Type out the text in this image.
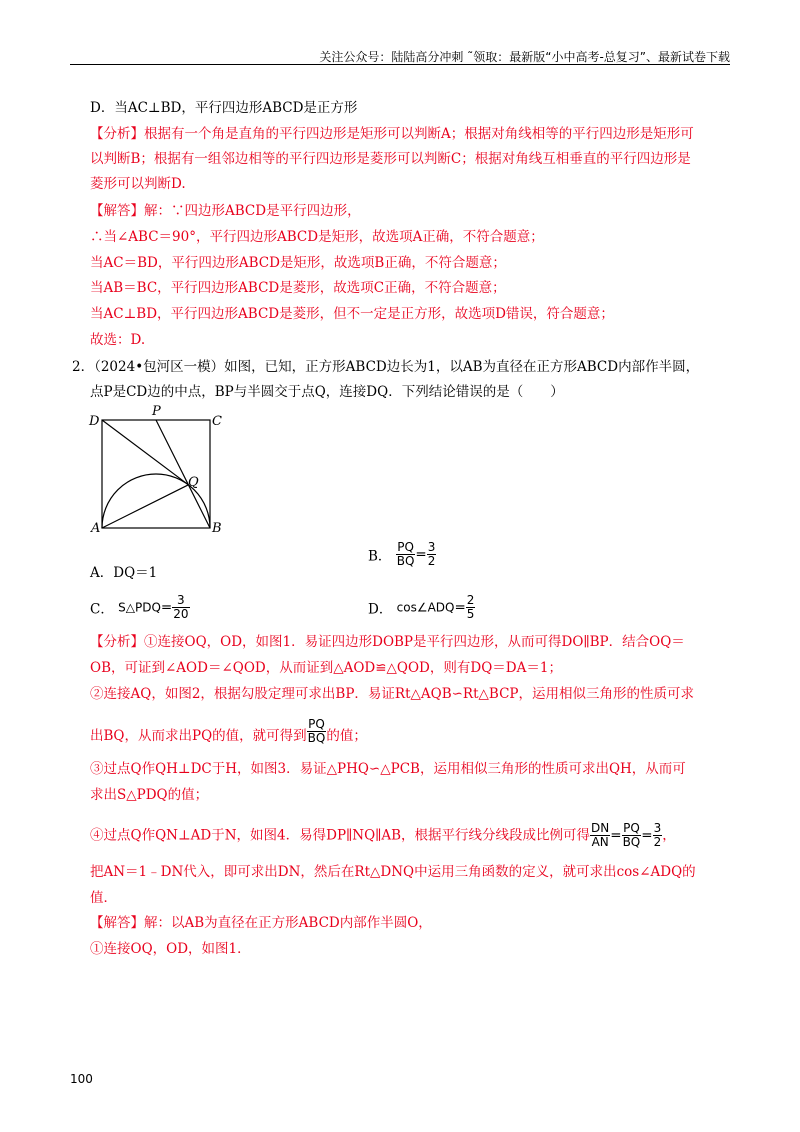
关注公众号：陆陆高分冲刺 ˜领取：最新版“小中高考-总复习”、最新试卷下载
D．当AC⊥BD，平行四边形ABCD是正方形
【分析】根据有一个角是直角的平行四边形是矩形可以判断A；根据对角线相等的平行四边形是矩形可
以判断B；根据有一组邻边相等的平行四边形是菱形可以判断C；根据对角线互相垂直的平行四边形是
菱形可以判断D.
【解答】解：∵四边形ABCD是平行四边形，
∴当∠ABC＝90°，平行四边形ABCD是矩形，故选项A正确，不符合题意；
当AC＝BD，平行四边形ABCD是矩形，故选项B正确，不符合题意；
当AB＝BC，平行四边形ABCD是菱形，故选项C正确，不符合题意；
当AC⊥BD，平行四边形ABCD是菱形，但不一定是正方形，故选项D错误，符合题意；
故选：D.
2．（2024•包河区一模）如图，已知，正方形ABCD边长为1，以AB为直径在正方形ABCD内部作半圆，
点P是CD边的中点，BP与半圆交于点Q，连接DQ．下列结论错误的是（　　）
D
P
C
Q
A	B
A．DQ＝1
B． $\frac{PQ}{BQ} = \frac{3}{2}$
C． S△PDQ= $\frac{3}{20}$	D． cos∠ADQ= $\frac{2}{5}$
【分析】①连接OQ，OD，如图1．易证四边形DOBP是平行四边形，从而可得DO∥BP．结合OQ＝
OB，可证到∠AOD＝∠QOD，从而证到△AOD≌△QOD，则有DQ＝DA＝1；
②连接AQ，如图2，根据勾股定理可求出BP．易证Rt△AQB∽Rt△BCP，运用相似三角形的性质可求
出BQ，从而求出PQ的值，就可得到 $\frac{PQ}{BQ}$ 的值；
③过点Q作QH⊥DC于H，如图3．易证△PHQ∽△PCB，运用相似三角形的性质可求出QH，从而可
求出S△PDQ的值；
④过点Q作QN⊥AD于N，如图4．易得DP∥NQ∥AB，根据平行线分线段成比例可得 $\frac{DN}{AN} = \frac{PQ}{BQ} = \frac{3}{2}$ ，
把AN＝1﹣DN代入，即可求出DN，然后在Rt△DNQ中运用三角函数的定义，就可求出cos∠ADQ的
值．
【解答】解：以AB为直径在正方形ABCD内部作半圆O，
①连接OQ，OD，如图1．
100
